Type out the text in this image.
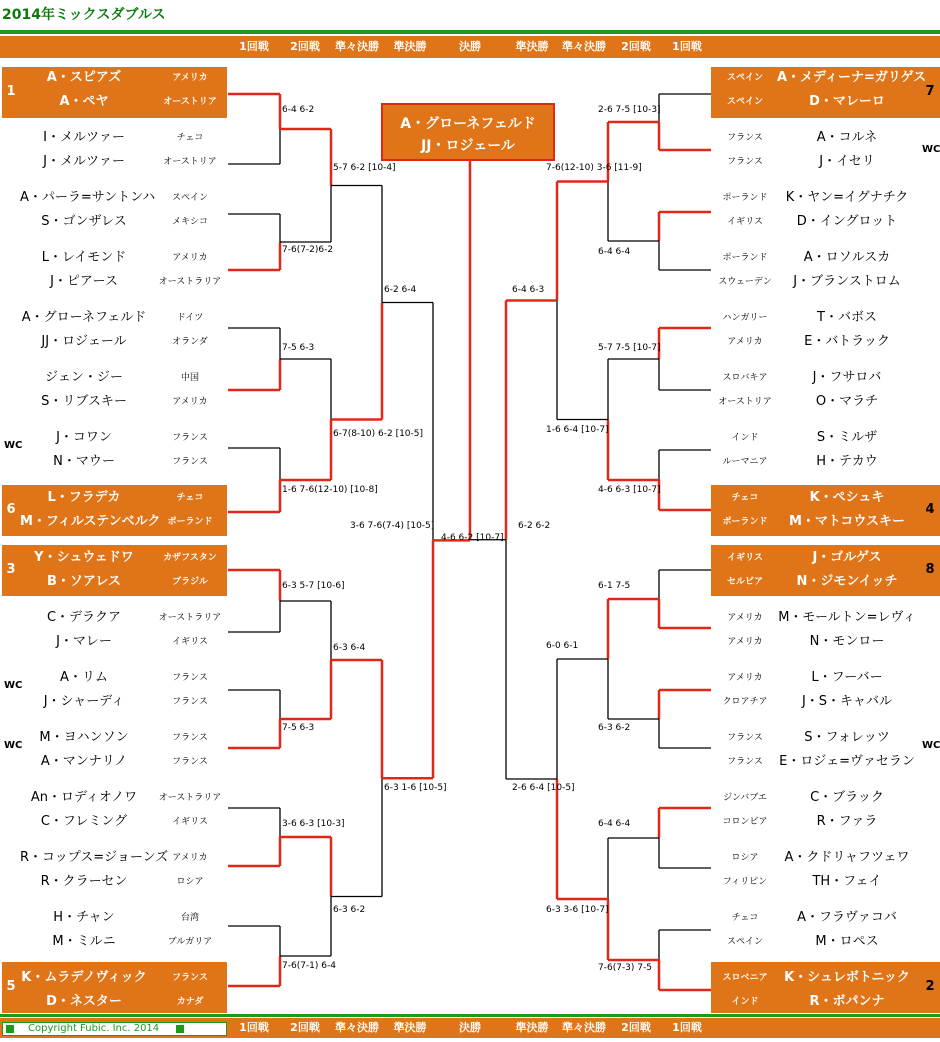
2014年ミックスダブルス
1回戦 2回戦 準々決勝 準決勝	決勝	準決勝 準々決勝 2回戦 1回戦
1
6
3
5
7
4
8
2
WC
WC
WC
WC
WC
A・スピアズ	アメリカ
A・ペヤ	オーストリア
I・メルツァー	チェコ
J・メルツァー	オーストリア
A・パーラ=サントンハ	スペイン
S・ゴンザレス	メキシコ
L・レイモンド	アメリカ
J・ピアース	オーストラリア
A・グローネフェルド	ドイツ
JJ・ロジェール	オランダ
ジェン・ジー	中国
S・リブスキー	アメリカ
J・コワン	フランス
N・マウー	フランス
L・フラデカ	チェコ
M・フィルステンベルク ポーランド
Y・シュウェドワ	カザフスタン
B・ソアレス	ブラジル
C・デラクア	オーストラリア
J・マレー	イギリス
A・リム	フランス
J・シャーディ	フランス
M・ヨハンソン	フランス
A・マンナリノ	フランス
An・ロディオノワ	オーストラリア
C・フレミング	イギリス
R・コップス=ジョーンズ アメリカ
R・クラーセン	ロシア
H・チャン	台湾
M・ミルニ	ブルガリア
K・ムラデノヴィック	フランス
D・ネスター	カナダ
スペイン	A・メディーナ=ガリゲス
スペイン	D・マレーロ
フランス	A・コルネ
フランス	J・イセリ
ポーランド	K・ヤン=イグナチク
イギリス	D・イングロット
ポーランド	A・ロソルスカ
スウェーデン	J・ブランストロム
ハンガリー	T・バボス
アメリカ	E・バトラック
スロバキア	J・フサロバ
オーストリア	O・マラチ
インド	S・ミルザ
ルーマニア	H・テカウ
チェコ	K・ペシュキ
ポーランド	M・マトコウスキー
イギリス	J・ゴルゲス
セルビア	N・ジモンイッチ
アメリカ	M・モールトン=レヴィ
アメリカ	N・モンロー
アメリカ	L・フーバー
クロアチア	J・S・キャバル
フランス	S・フォレッツ
フランス	E・ロジェ=ヴァセラン
ジンバブエ	C・ブラック
コロンビア	R・ファラ
ロシア	A・クドリャフツェワ
フィリピン	TH・フェイ
チェコ	A・フラヴァコバ
スペイン	M・ロペス
スロベニア	K・シュレボトニック
インド	R・ボパンナ
6-4 6-2
7-6(7-2)6-2
7-5 6-3
1-6 7-6(12-10) [10-8]
6-3 5-7 [10-6]
7-5 6-3
3-6 6-3 [10-3]
7-6(7-1) 6-4
5-7 6-2 [10-4]
6-7(8-10) 6-2 [10-5]
6-3 6-4
6-3 6-2
6-2 6-4
6-3 1-6 [10-5]
3-6 7-6(7-4) [10-5]
4-6 6-2 [10-7]
6-2 6-2
6-4 6-3
2-6 6-4 [10-5]
7-6(12-10) 3-6 [11-9]
1-6 6-4 [10-7]
6-0 6-1
6-3 3-6 [10-7]
2-6 7-5 [10-3]
6-4 6-4
5-7 7-5 [10-7]
4-6 6-3 [10-7]
6-1 7-5
6-3 6-2
6-4 6-4
7-6(7-3) 7-5
A・グローネフェルド
JJ・ロジェール
1回戦 2回戦 準々決勝 準決勝	決勝	準決勝 準々決勝 2回戦 1回戦
Copyright Fubic. Inc. 2014
